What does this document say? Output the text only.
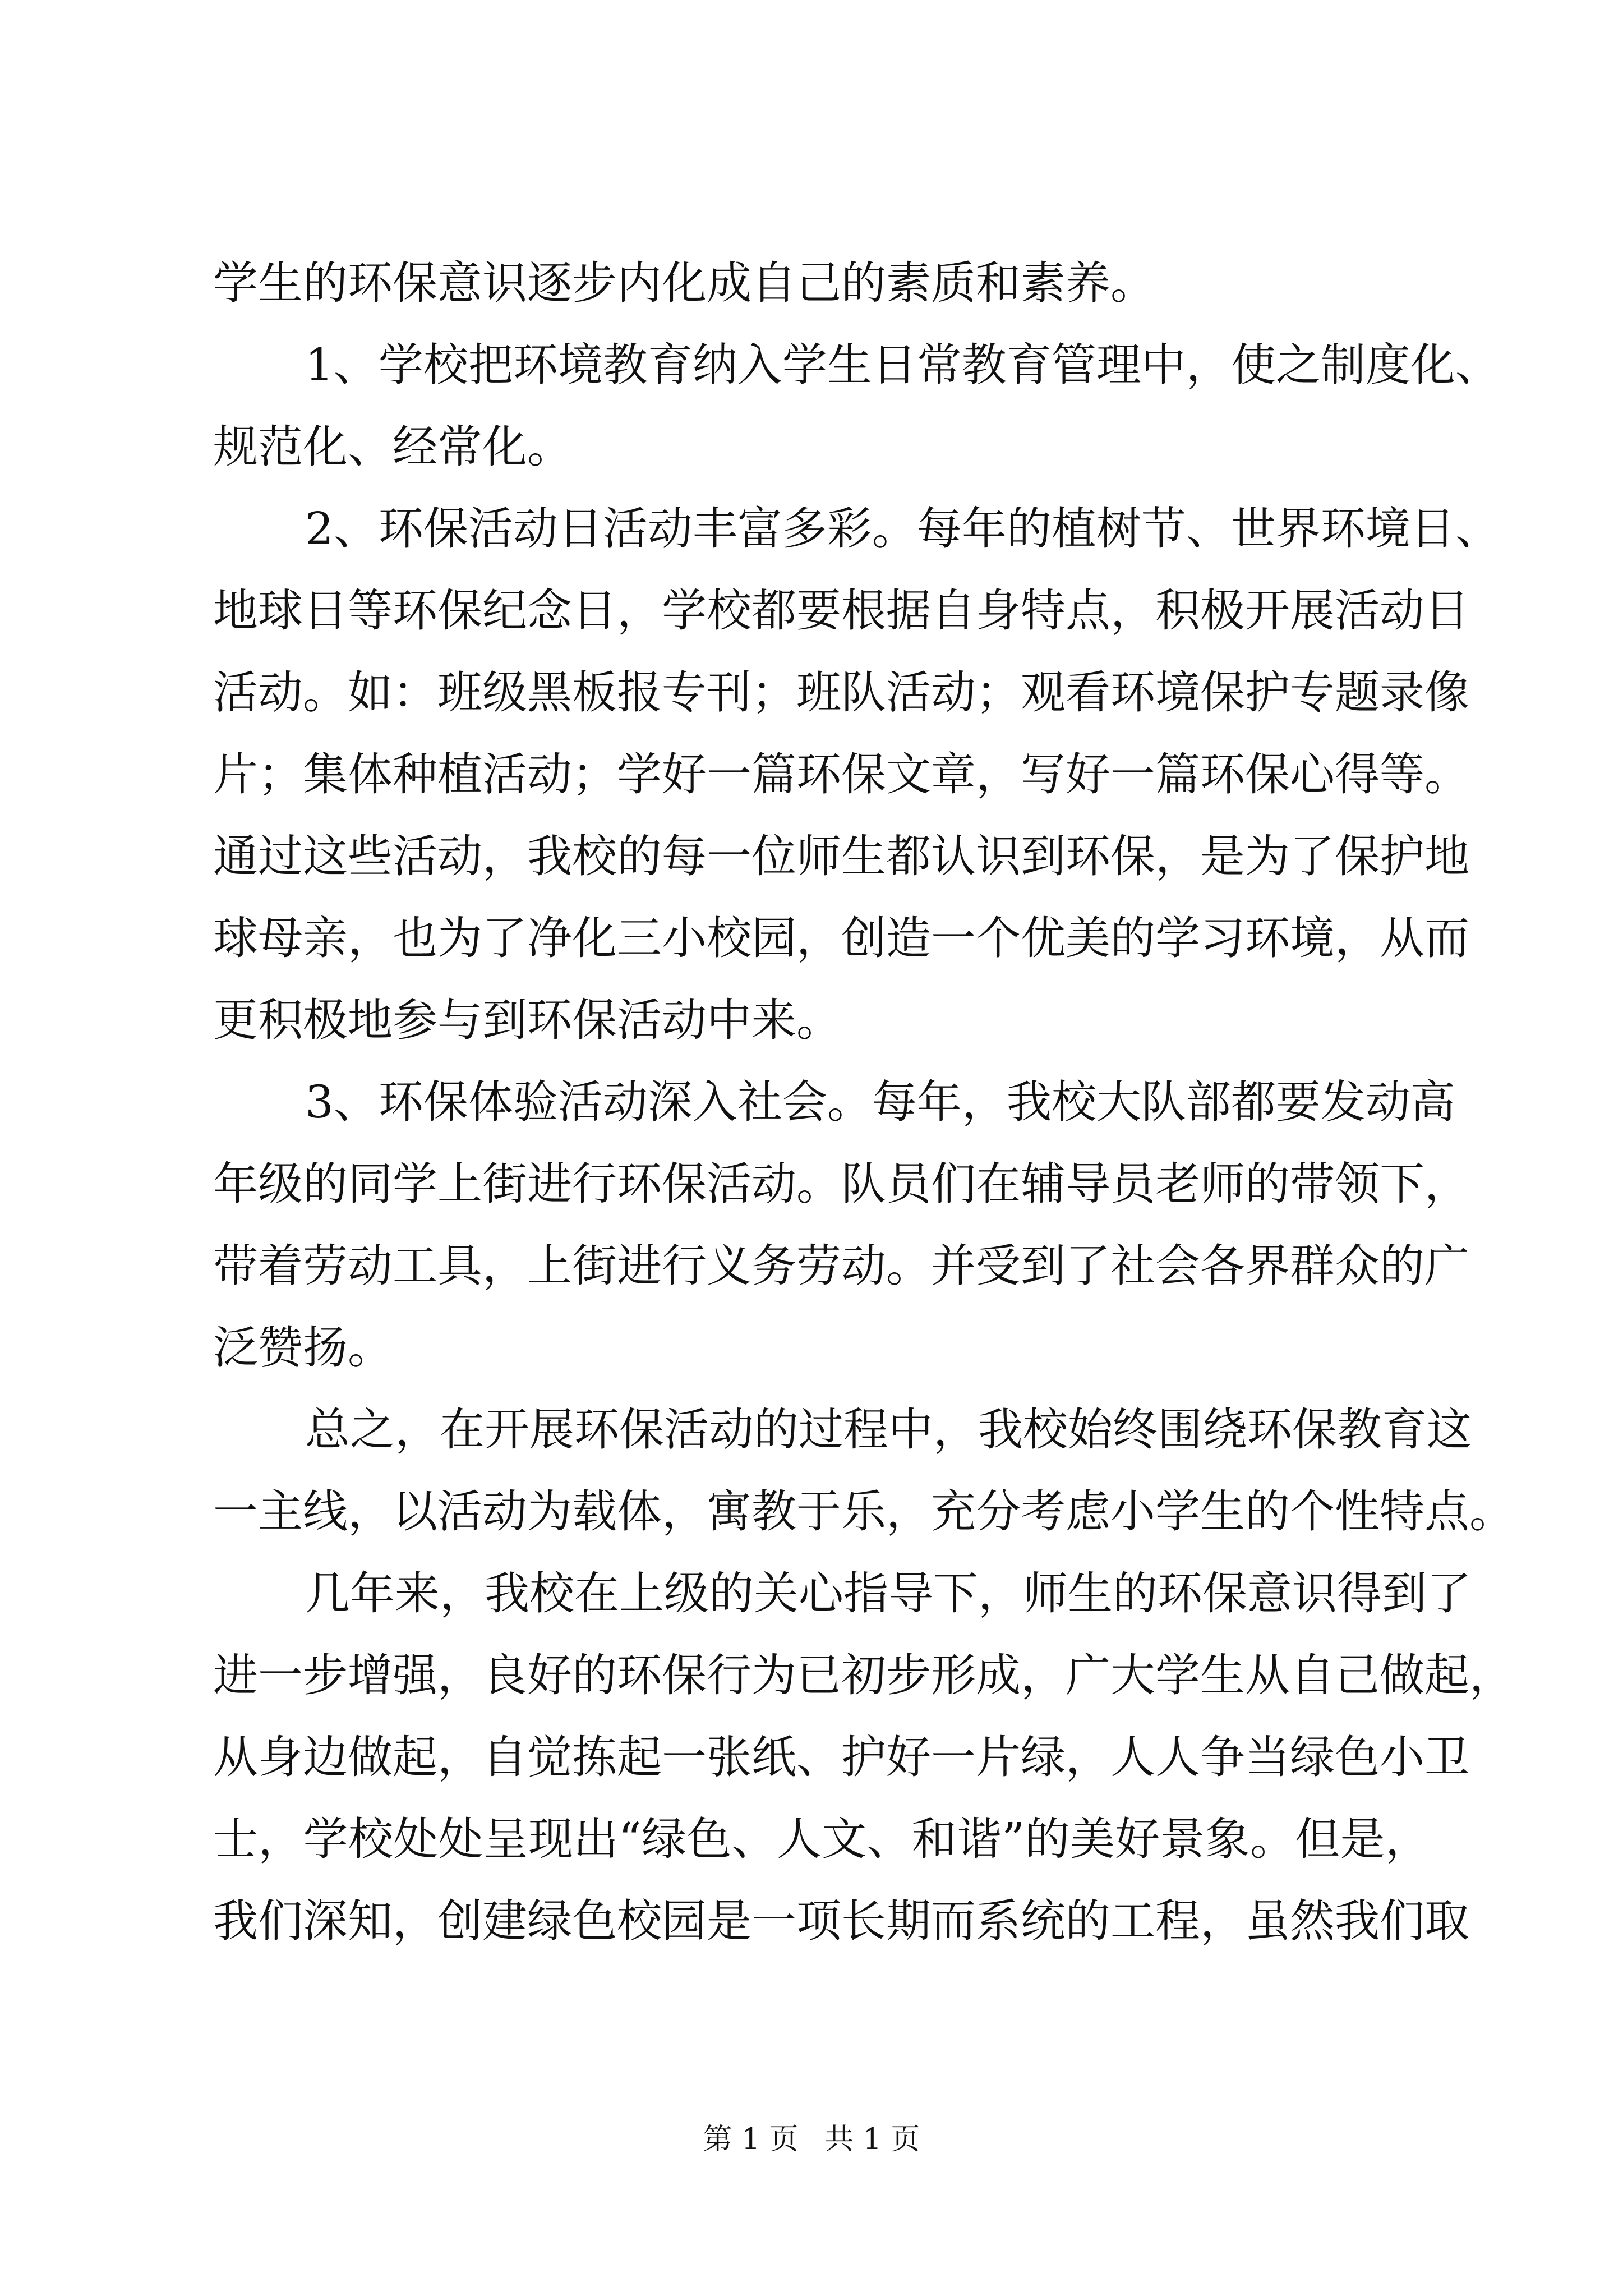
学生的环保意识逐步内化成自己的素质和素养。
1、学校把环境教育纳入学生日常教育管理中，使之制度化、
规范化、经常化。
2、环保活动日活动丰富多彩。每年的植树节、世界环境日、
地球日等环保纪念日，学校都要根据自身特点，积极开展活动日
活动。如：班级黑板报专刊；班队活动；观看环境保护专题录像
片；集体种植活动；学好一篇环保文章，写好一篇环保心得等。
通过这些活动，我校的每一位师生都认识到环保，是为了保护地
球母亲，也为了净化三小校园，创造一个优美的学习环境，从而
更积极地参与到环保活动中来。
3、环保体验活动深入社会。每年，我校大队部都要发动高
年级的同学上街进行环保活动。队员们在辅导员老师的带领下，
带着劳动工具，上街进行义务劳动。并受到了社会各界群众的广
泛赞扬。
总之，在开展环保活动的过程中，我校始终围绕环保教育这
一主线，以活动为载体，寓教于乐，充分考虑小学生的个性特点。
几年来，我校在上级的关心指导下，师生的环保意识得到了
进一步增强，良好的环保行为已初步形成，广大学生从自己做起，
从身边做起，自觉拣起一张纸、护好一片绿，人人争当绿色小卫
士，学校处处呈现出“绿色、人文、和谐”的美好景象。但是，
我们深知，创建绿色校园是一项长期而系统的工程，虽然我们取
第 1 页 共 1 页
